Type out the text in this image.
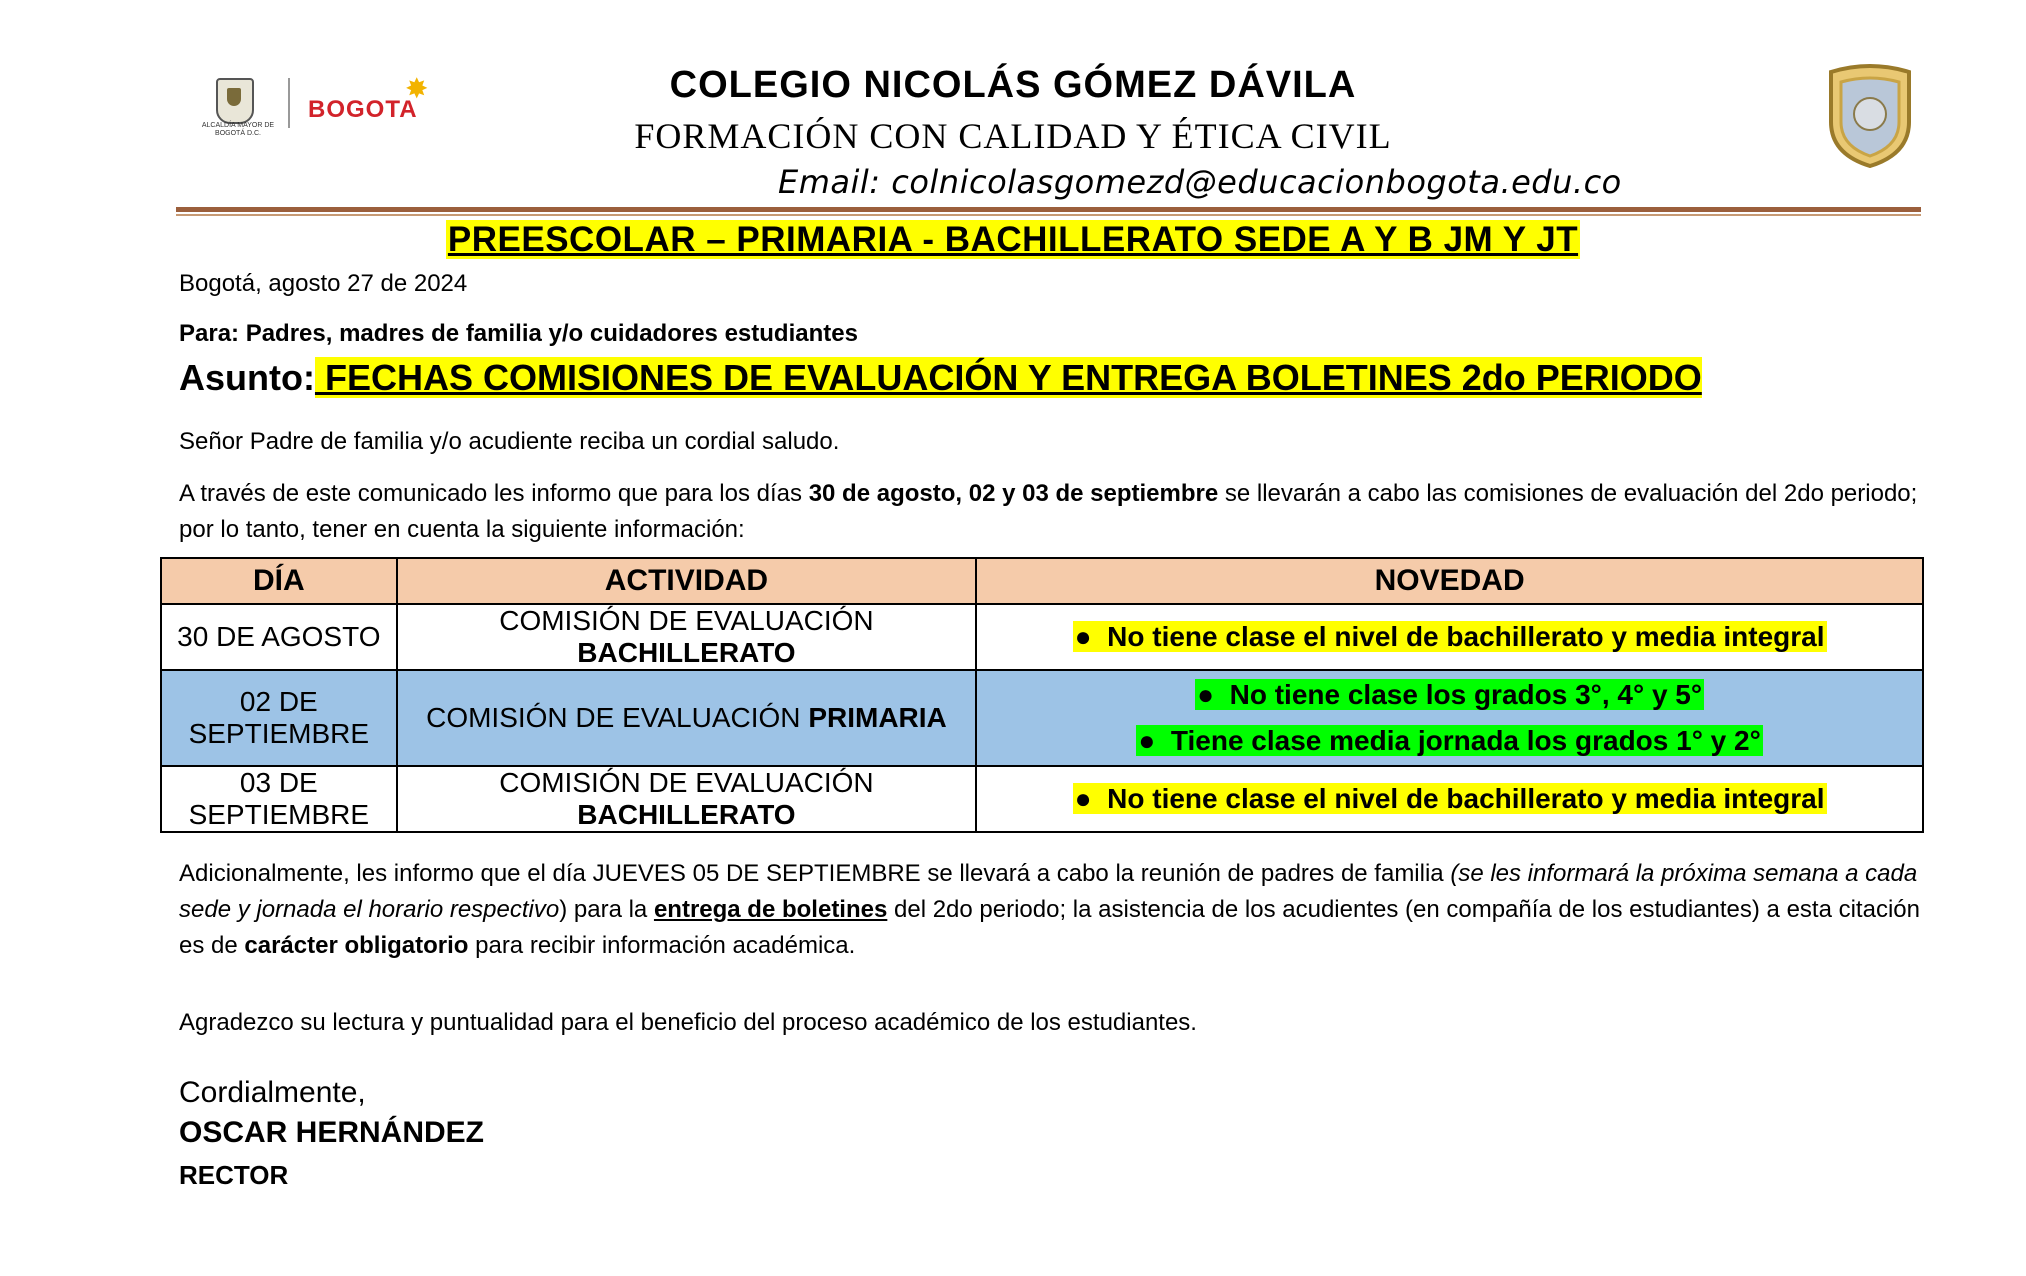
ALCALDÍA MAYOR DE BOGOTÁ D.C.
BOGOTA
✸	COLEGIO NICOLÁS GÓMEZ DÁVILA
FORMACIÓN CON CALIDAD Y ÉTICA CIVIL
Email: colnicolasgomezd@educacionbogota.edu.co
PREESCOLAR – PRIMARIA - BACHILLERATO SEDE A Y B JM Y JT
Bogotá, agosto 27 de 2024
Para: Padres, madres de familia y/o cuidadores estudiantes
Asunto: FECHAS COMISIONES DE EVALUACIÓN Y ENTREGA BOLETINES 2do PERIODO
Señor Padre de familia y/o acudiente reciba un cordial saludo.
A través de este comunicado les informo que para los días 30 de agosto, 02 y 03 de septiembre se llevarán a cabo las comisiones de evaluación del 2do periodo; por lo tanto, tener en cuenta la siguiente información:
DÍA	ACTIVIDAD	NOVEDAD
30 DE AGOSTO	COMISIÓN DE EVALUACIÓN BACHILLERATO	●  No tiene clase el nivel de bachillerato y media integral
02 DE SEPTIEMBRE	COMISIÓN DE EVALUACIÓN PRIMARIA	●  No tiene clase los grados 3°, 4° y 5°
●  Tiene clase media jornada los grados 1° y 2°

03 DE SEPTIEMBRE	COMISIÓN DE EVALUACIÓN BACHILLERATO	●  No tiene clase el nivel de bachillerato y media integral
Adicionalmente, les informo que el día JUEVES 05 DE SEPTIEMBRE se llevará a cabo la reunión de padres de familia (se les informará la próxima semana a cada sede y jornada el horario respectivo) para la entrega de boletines del 2do periodo; la asistencia de los acudientes (en compañía de los estudiantes) a esta citación es de carácter obligatorio para recibir información académica.
Agradezco su lectura y puntualidad para el beneficio del proceso académico de los estudiantes.
Cordialmente,
OSCAR HERNÁNDEZ
RECTOR
